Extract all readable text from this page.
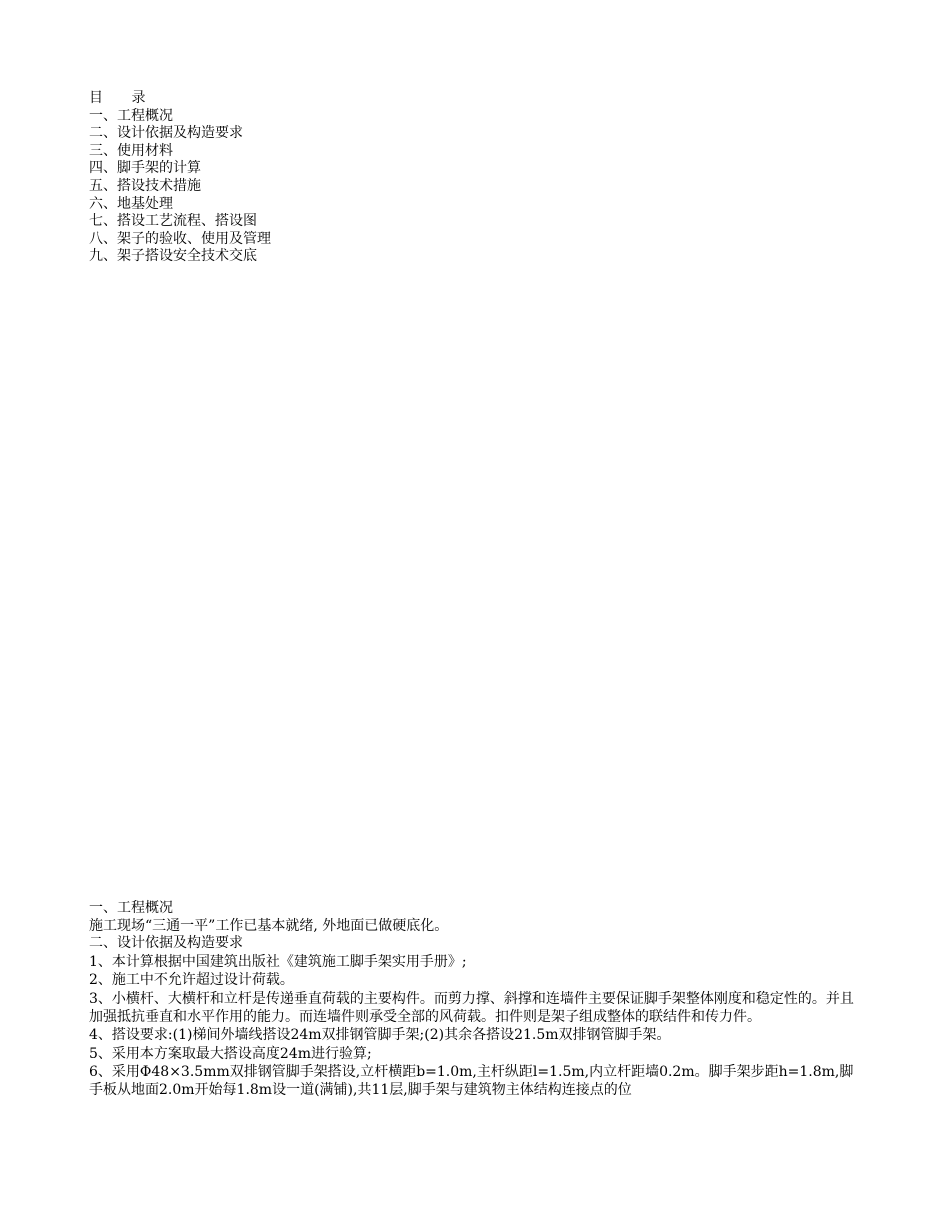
目 录
一、工程概况
二、设计依据及构造要求
三、使用材料
四、脚手架的计算
五、搭设技术措施
六、地基处理
七、搭设工艺流程、搭设图
八、架子的验收、使用及管理
九、架子搭设安全技术交底
一、工程概况
施工现场“三通一平”工作已基本就绪, 外地面已做硬底化。
二、设计依据及构造要求
1、本计算根据中国建筑出版社《建筑施工脚手架实用手册》;
2、施工中不允许超过设计荷载。
3、小横杆、大横杆和立杆是传递垂直荷载的主要构件。而剪力撑、斜撑和连墙件主要保证脚手架整体刚度和稳定性的。并且加强抵抗垂直和水平作用的能力。而连墙件则承受全部的风荷载。扣件则是架子组成整体的联结件和传力件。
4、搭设要求:(1)梯间外墙线搭设24m双排钢管脚手架;(2)其余各搭设21.5m双排钢管脚手架。
5、采用本方案取最大搭设高度24m进行验算;
6、采用Φ48×3.5mm双排钢管脚手架搭设,立杆横距b=1.0m,主杆纵距l=1.5m,内立杆距墙0.2m。脚手架步距h=1.8m,脚手板从地面2.0m开始每1.8m设一道(满铺),共11层,脚手架与建筑物主体结构连接点的位
